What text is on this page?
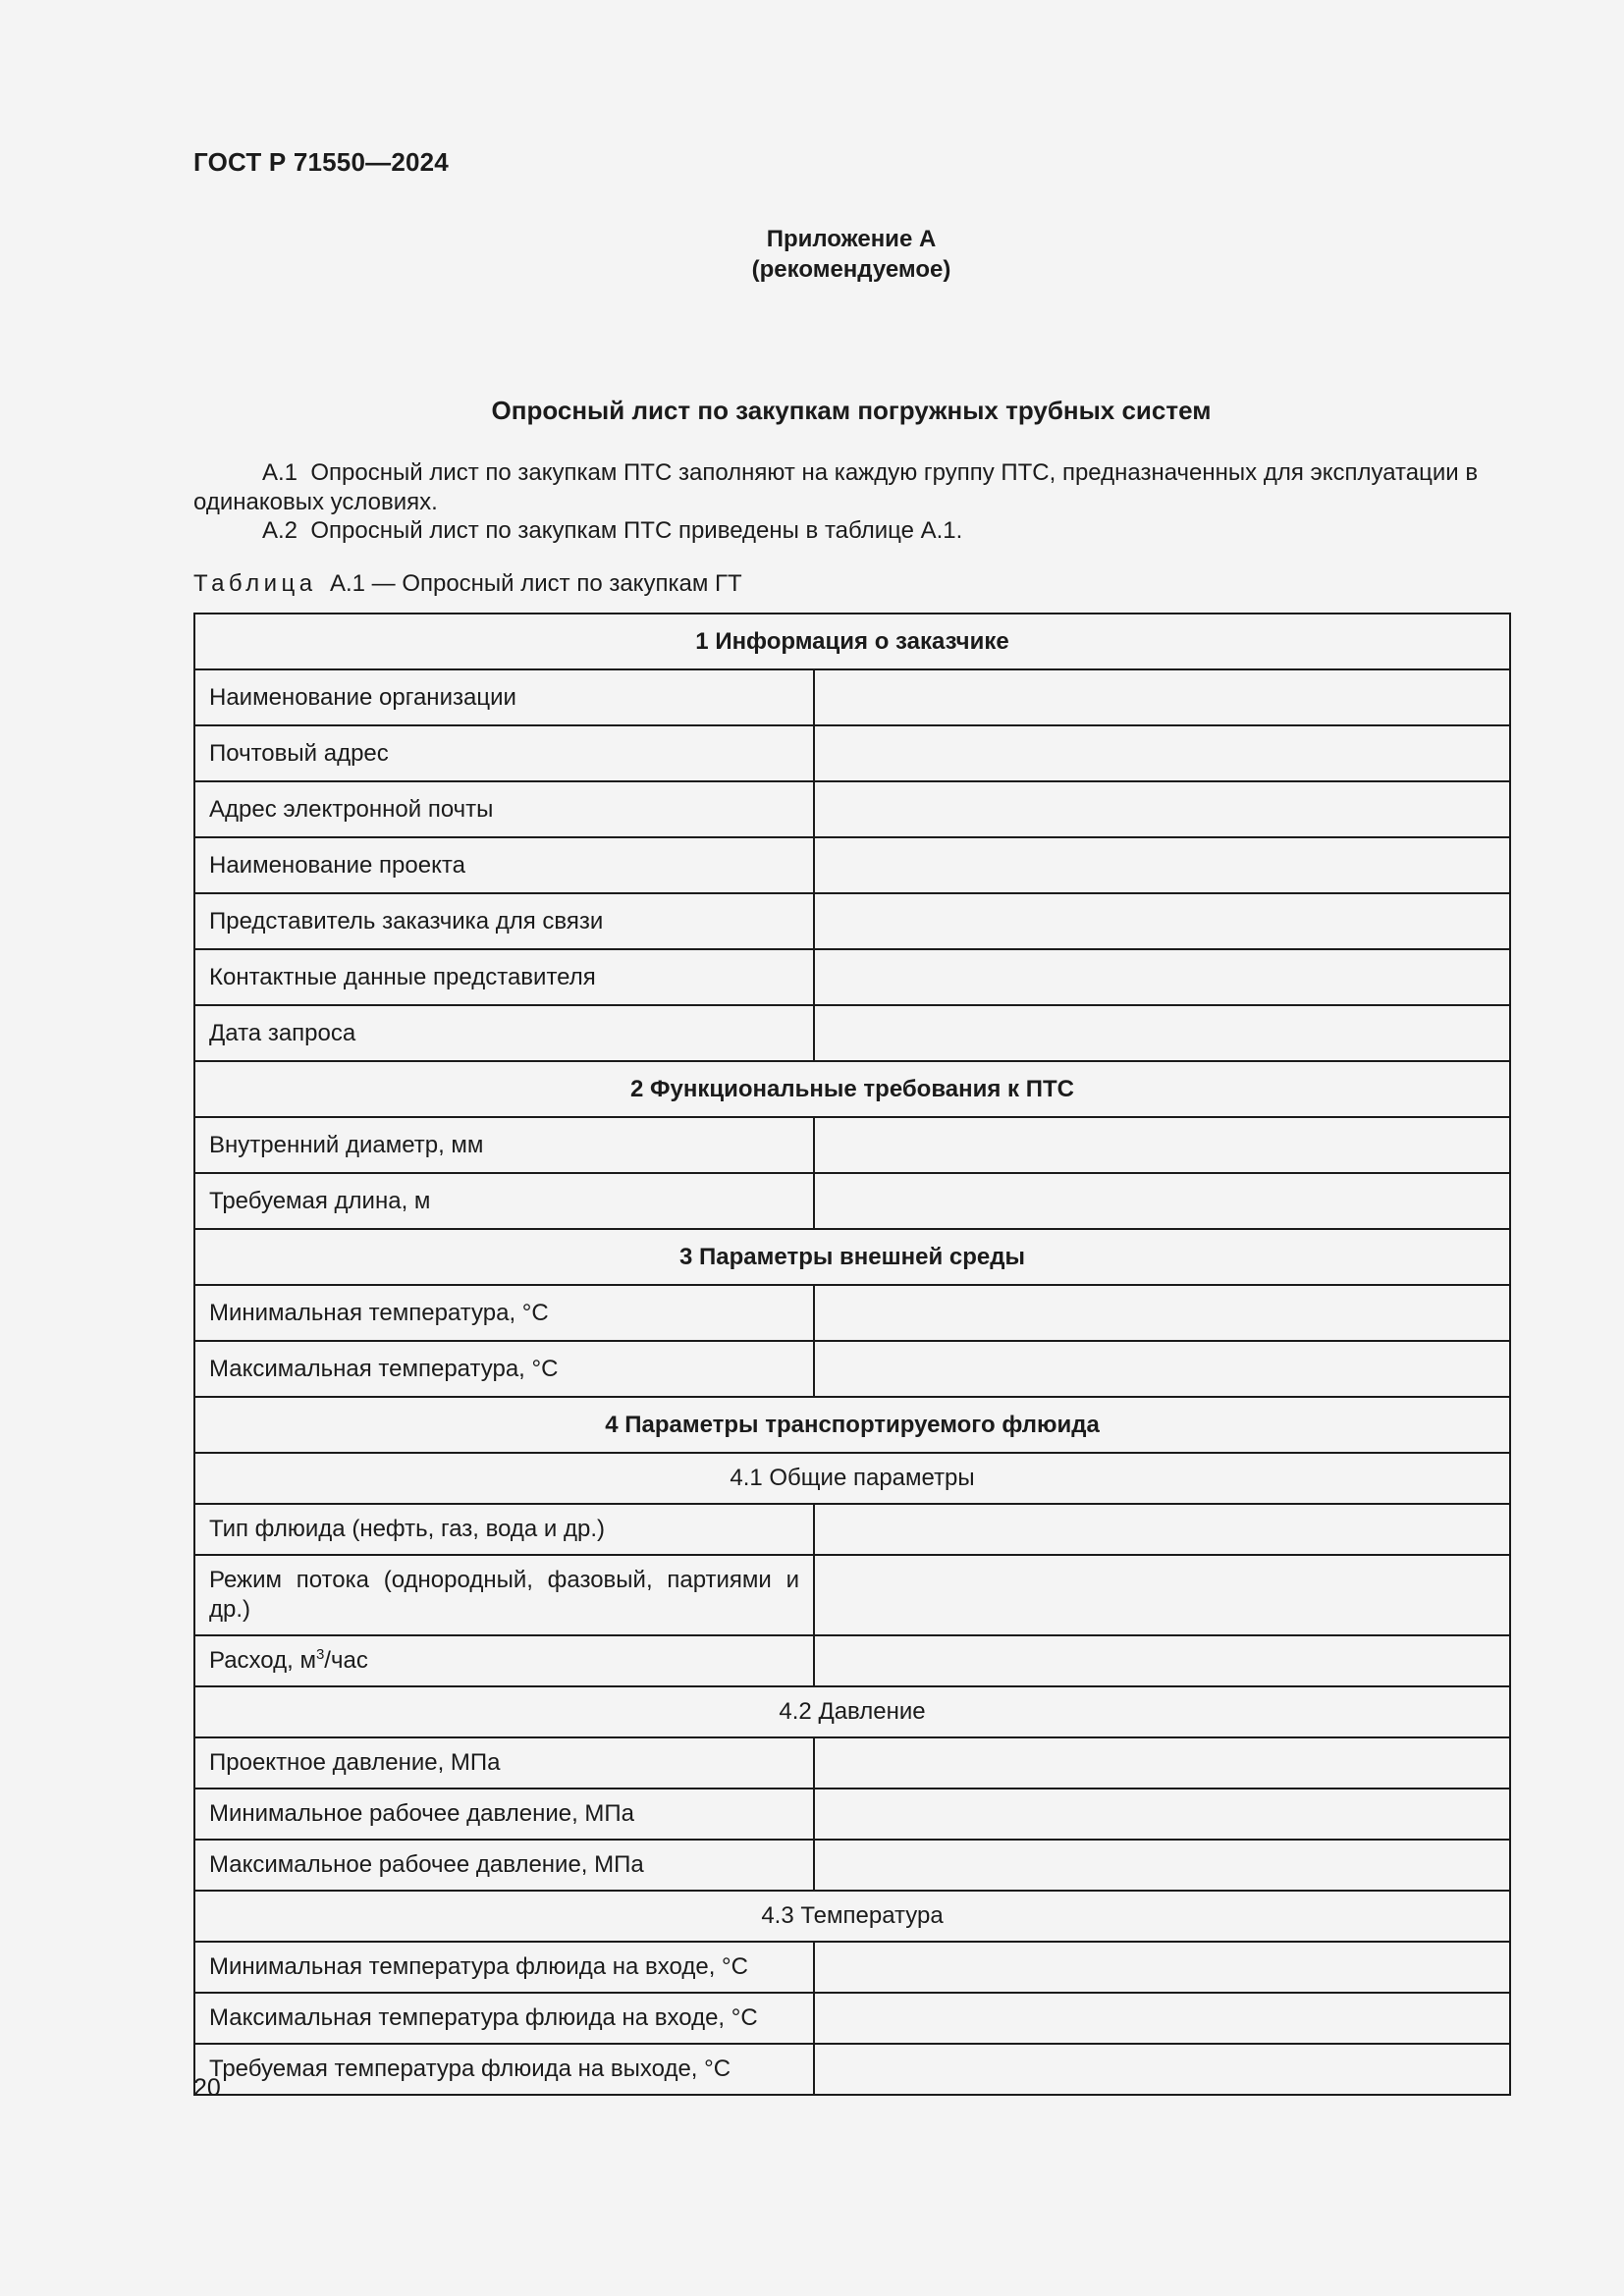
ГОСТ Р 71550—2024
Приложение А
(рекомендуемое)
Опросный лист по закупкам погружных трубных систем
А.1 Опросный лист по закупкам ПТС заполняют на каждую группу ПТС, предназначенных для эксплуатации в одинаковых условиях.
А.2 Опросный лист по закупкам ПТС приведены в таблице А.1.
Таблица А.1 — Опросный лист по закупкам ГТ
1 Информация о заказчике	
Наименование организации	
Почтовый адрес	
Адрес электронной почты	
Наименование проекта	
Представитель заказчика для связи	
Контактные данные представителя	
Дата запроса	
2 Функциональные требования к ПТС	
Внутренний диаметр, мм	
Требуемая длина, м	
3 Параметры внешней среды	
Минимальная температура, °С	
Максимальная температура, °С	
4 Параметры транспортируемого флюида	
4.1 Общие параметры	
Тип флюида (нефть, газ, вода и др.)	
Режим потока (однородный, фазовый, партиями и др.)	
Расход, $м^3$/час	
4.2 Давление	
Проектное давление, МПа	
Минимальное рабочее давление, МПа	
Максимальное рабочее давление, МПа	
4.3 Температура	
Минимальная температура флюида на входе, °С	
Максимальная температура флюида на входе, °С	
Требуемая температура флюида на выходе, °С	
20
